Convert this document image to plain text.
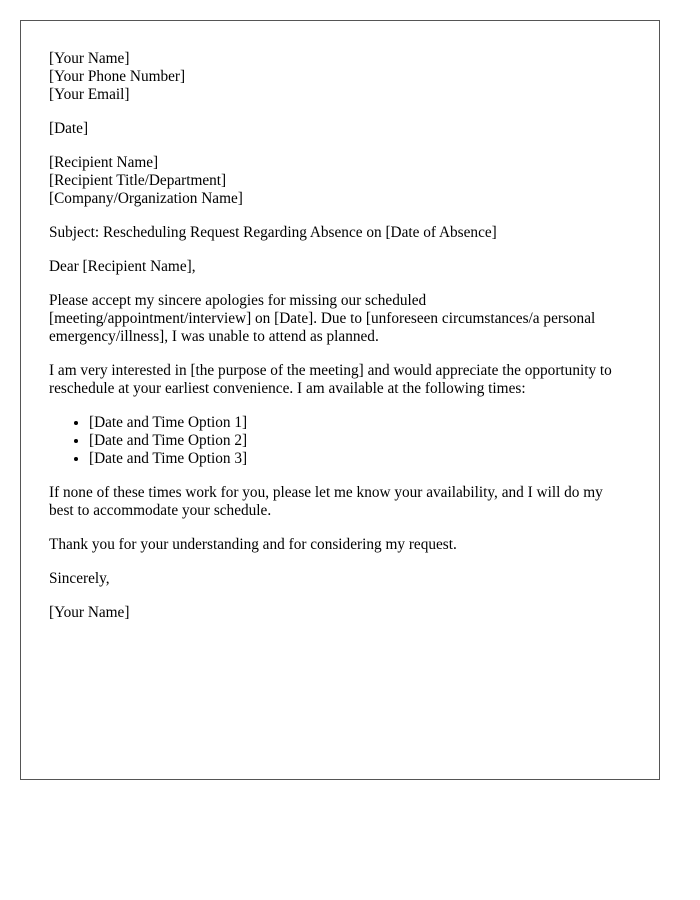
[Your Name]
[Your Phone Number]
[Your Email]
[Date]
[Recipient Name]
[Recipient Title/Department]
[Company/Organization Name]

Subject: Rescheduling Request Regarding Absence on [Date of Absence]

Dear [Recipient Name],

Please accept my sincere apologies for missing our scheduled [meeting/appointment/interview] on [Date]. Due to [unforeseen circumstances/a personal emergency/illness], I was unable to attend as planned.

I am very interested in [the purpose of the meeting] and would appreciate the opportunity to reschedule at your earliest convenience. I am available at the following times:

• [Date and Time Option 1]
• [Date and Time Option 2]
• [Date and Time Option 3]

If none of these times work for you, please let me know your availability, and I will do my best to accommodate your schedule.

Thank you for your understanding and for considering my request.

Sincerely,

[Your Name]
